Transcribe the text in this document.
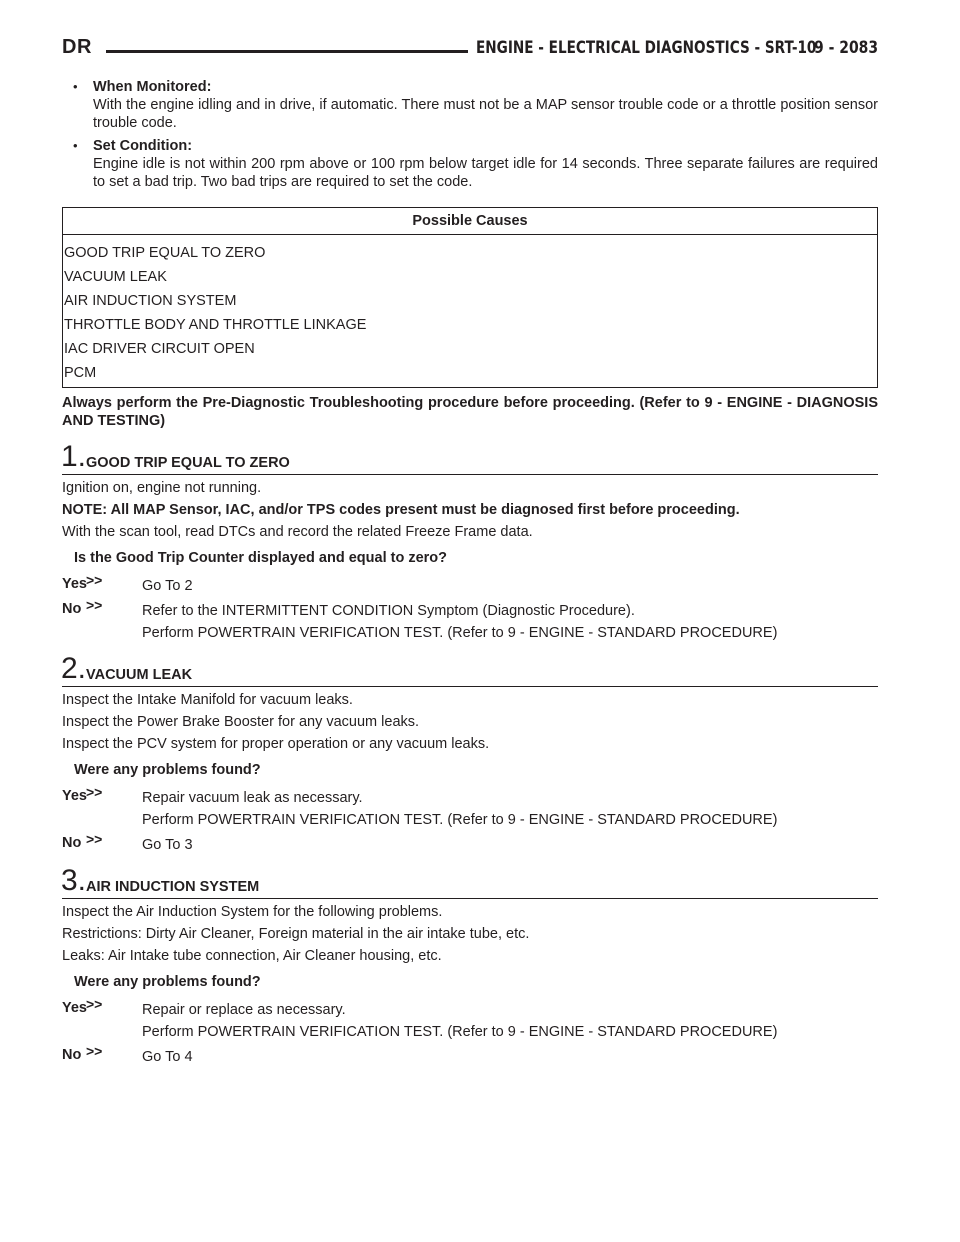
DR	ENGINE - ELECTRICAL DIAGNOSTICS - SRT-10
9 - 2083
• When Monitored:
With the engine idling and in drive, if automatic. There must not be a MAP sensor trouble code or a throttle position sensor trouble code.
• Set Condition:
Engine idle is not within 200 rpm above or 100 rpm below target idle for 14 seconds. Three separate failures are required to set a bad trip. Two bad trips are required to set the code.
Possible Causes
GOOD TRIP EQUAL TO ZERO
VACUUM LEAK
AIR INDUCTION SYSTEM
THROTTLE BODY AND THROTTLE LINKAGE
IAC DRIVER CIRCUIT OPEN
PCM
Always perform the Pre-Diagnostic Troubleshooting procedure before proceeding. (Refer to 9 - ENGINE - DIAGNOSIS AND TESTING)
1. GOOD TRIP EQUAL TO ZERO
Ignition on, engine not running.
NOTE: All MAP Sensor, IAC, and/or TPS codes present must be diagnosed first before proceeding.
With the scan tool, read DTCs and record the related Freeze Frame data.
Is the Good Trip Counter displayed and equal to zero?
Yes >>	Go To 2
No >>	Refer to the INTERMITTENT CONDITION Symptom (Diagnostic Procedure).
Perform POWERTRAIN VERIFICATION TEST. (Refer to 9 - ENGINE - STANDARD PROCEDURE)
2. VACUUM LEAK
Inspect the Intake Manifold for vacuum leaks.
Inspect the Power Brake Booster for any vacuum leaks.
Inspect the PCV system for proper operation or any vacuum leaks.
Were any problems found?
Yes >>	Repair vacuum leak as necessary.
Perform POWERTRAIN VERIFICATION TEST. (Refer to 9 - ENGINE - STANDARD PROCEDURE)
No >>	Go To 3
3. AIR INDUCTION SYSTEM
Inspect the Air Induction System for the following problems.
Restrictions: Dirty Air Cleaner, Foreign material in the air intake tube, etc.
Leaks: Air Intake tube connection, Air Cleaner housing, etc.
Were any problems found?
Yes >>	Repair or replace as necessary.
Perform POWERTRAIN VERIFICATION TEST. (Refer to 9 - ENGINE - STANDARD PROCEDURE)
No >>	Go To 4
